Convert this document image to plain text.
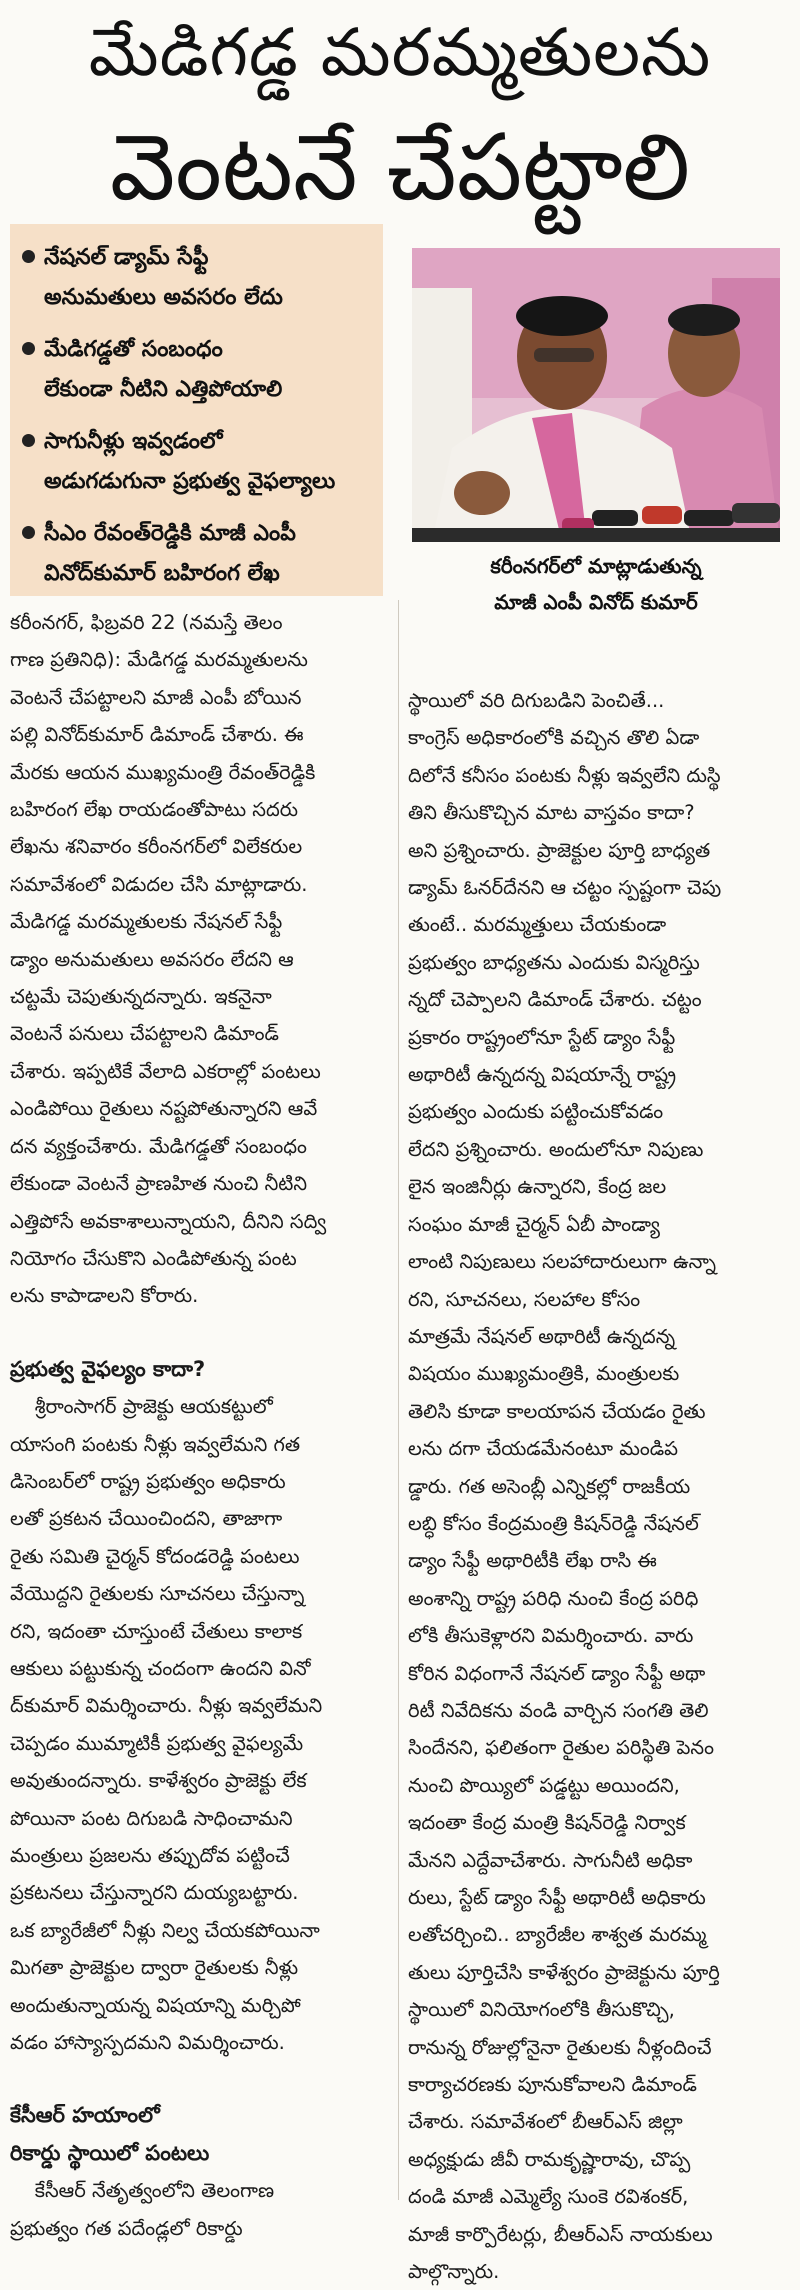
మేడిగడ్డ మరమ్మతులను
వెంటనే చేపట్టాలి
నేషనల్ డ్యామ్ సేఫ్టీ
అనుమతులు అవసరం లేదు
మేడిగడ్డతో సంబంధం
లేకుండా నీటిని ఎత్తిపోయాలి
సాగునీళ్లు ఇవ్వడంలో
అడుగడుగునా ప్రభుత్వ వైఫల్యాలు
సీఎం రేవంత్‌రెడ్డికి మాజీ ఎంపీ
వినోద్‌కుమార్ బహిరంగ లేఖ	కరీంనగర్‌లో మాట్లాడుతున్న
మాజీ ఎంపీ వినోద్ కుమార్

కరీంనగర్, ఫిబ్రవరి 22 (నమస్తే తెలం

గాణ ప్రతినిధి): మేడిగడ్డ మరమ్మతులను

వెంటనే చేపట్టాలని మాజీ ఎంపీ బోయిన

పల్లి వినోద్‌కుమార్ డిమాండ్ చేశారు. ఈ

మేరకు ఆయన ముఖ్యమంత్రి రేవంత్‌రెడ్డికి

బహిరంగ లేఖ రాయడంతోపాటు సదరు

లేఖను శనివారం కరీంనగర్‌లో విలేకరుల

సమావేశంలో విడుదల చేసి మాట్లాడారు.

మేడిగడ్డ మరమ్మతులకు నేషనల్ సేఫ్టీ

డ్యాం అనుమతులు అవసరం లేదని ఆ

చట్టమే చెపుతున్నదన్నారు. ఇకనైనా

వెంటనే పనులు చేపట్టాలని డిమాండ్

చేశారు. ఇప్పటికే వేలాది ఎకరాల్లో పంటలు

ఎండిపోయి రైతులు నష్టపోతున్నారని ఆవే

దన వ్యక్తంచేశారు. మేడిగడ్డతో సంబంధం

లేకుండా వెంటనే ప్రాణహిత నుంచి నీటిని

ఎత్తిపోసే అవకాశాలున్నాయని, దీనిని సద్వి

నియోగం చేసుకొని ఎండిపోతున్న పంట

లను కాపాడాలని కోరారు.

ప్రభుత్వ వైఫల్యం కాదా?

శ్రీరాంసాగర్ ప్రాజెక్టు ఆయకట్టులో

యాసంగి పంటకు నీళ్లు ఇవ్వలేమని గత

డిసెంబర్‌లో రాష్ట్ర ప్రభుత్వం అధికారు

లతో ప్రకటన చేయించిందని, తాజాగా

రైతు సమితి చైర్మన్ కోదండరెడ్డి పంటలు

వేయొద్దని రైతులకు సూచనలు చేస్తున్నా

రని, ఇదంతా చూస్తుంటే చేతులు కాలాక

ఆకులు పట్టుకున్న చందంగా ఉందని వినో

ద్‌కుమార్ విమర్శించారు. నీళ్లు ఇవ్వలేమని

చెప్పడం ముమ్మాటికీ ప్రభుత్వ వైఫల్యమే

అవుతుందన్నారు. కాళేశ్వరం ప్రాజెక్టు లేక

పోయినా పంట దిగుబడి సాధించామని

మంత్రులు ప్రజలను తప్పుదోవ పట్టించే

ప్రకటనలు చేస్తున్నారని దుయ్యబట్టారు.

ఒక బ్యారేజీలో నీళ్లు నిల్వ చేయకపోయినా

మిగతా ప్రాజెక్టుల ద్వారా రైతులకు నీళ్లు

అందుతున్నాయన్న విషయాన్ని మర్చిపో

వడం హాస్యాస్పదమని విమర్శించారు.

కేసీఆర్ హయాంలో

రికార్డు స్థాయిలో పంటలు

కేసీఆర్ నేతృత్వంలోని తెలంగాణ

ప్రభుత్వం గత పదేండ్లలో రికార్డు

స్థాయిలో వరి దిగుబడిని పెంచితే...

కాంగ్రెస్ అధికారంలోకి వచ్చిన తొలి ఏడా

దిలోనే కనీసం పంటకు నీళ్లు ఇవ్వలేని దుస్థి

తిని తీసుకొచ్చిన మాట వాస్తవం కాదా?

అని ప్రశ్నించారు. ప్రాజెక్టుల పూర్తి బాధ్యత

డ్యామ్ ఓనర్‌దేనని ఆ చట్టం స్పష్టంగా చెపు

తుంటే.. మరమ్మత్తులు చేయకుండా

ప్రభుత్వం బాధ్యతను ఎందుకు విస్మరిస్తు

న్నదో చెప్పాలని డిమాండ్ చేశారు. చట్టం

ప్రకారం రాష్ట్రంలోనూ స్టేట్ డ్యాం సేఫ్టీ

అథారిటీ ఉన్నదన్న విషయాన్నే రాష్ట్ర

ప్రభుత్వం ఎందుకు పట్టించుకోవడం

లేదని ప్రశ్నించారు. అందులోనూ నిపుణు

లైన ఇంజినీర్లు ఉన్నారని, కేంద్ర జల

సంఘం మాజీ చైర్మన్ ఏబీ పాండ్యా

లాంటి నిపుణులు సలహాదారులుగా ఉన్నా

రని, సూచనలు, సలహాల కోసం

మాత్రమే నేషనల్ అథారిటీ ఉన్నదన్న

విషయం ముఖ్యమంత్రికి, మంత్రులకు

తెలిసి కూడా కాలయాపన చేయడం రైతు

లను దగా చేయడమేనంటూ మండిప

డ్డారు. గత అసెంబ్లీ ఎన్నికల్లో రాజకీయ

లబ్ధి కోసం కేంద్రమంత్రి కిషన్‌రెడ్డి నేషనల్

డ్యాం సేఫ్టీ అథారిటీకి లేఖ రాసి ఈ

అంశాన్ని రాష్ట్ర పరిధి నుంచి కేంద్ర పరిధి

లోకి తీసుకెళ్లారని విమర్శించారు. వారు

కోరిన విధంగానే నేషనల్ డ్యాం సేఫ్టీ అథా

రిటీ నివేదికను వండి వార్చిన సంగతి తెలి

సిందేనని, ఫలితంగా రైతుల పరిస్థితి పెనం

నుంచి పొయ్యిలో పడ్డట్టు అయిందని,

ఇదంతా కేంద్ర మంత్రి కిషన్‌రెడ్డి నిర్వాక

మేనని ఎద్దేవాచేశారు. సాగునీటి అధికా

రులు, స్టేట్ డ్యాం సేఫ్టీ అథారిటీ అధికారు

లతోచర్చించి.. బ్యారేజీల శాశ్వత మరమ్మ

తులు పూర్తిచేసి కాళేశ్వరం ప్రాజెక్టును పూర్తి

స్థాయిలో వినియోగంలోకి తీసుకొచ్చి,

రానున్న రోజుల్లోనైనా రైతులకు నీళ్లందించే

కార్యాచరణకు పూనుకోవాలని డిమాండ్

చేశారు. సమావేశంలో బీఆర్‌ఎస్ జిల్లా

అధ్యక్షుడు జీవీ రామకృష్ణారావు, చొప్ప

దండి మాజీ ఎమ్మెల్యే సుంకె రవిశంకర్,

మాజీ కార్పొరేటర్లు, బీఆర్‌ఎస్ నాయకులు

పాల్గొన్నారు.
